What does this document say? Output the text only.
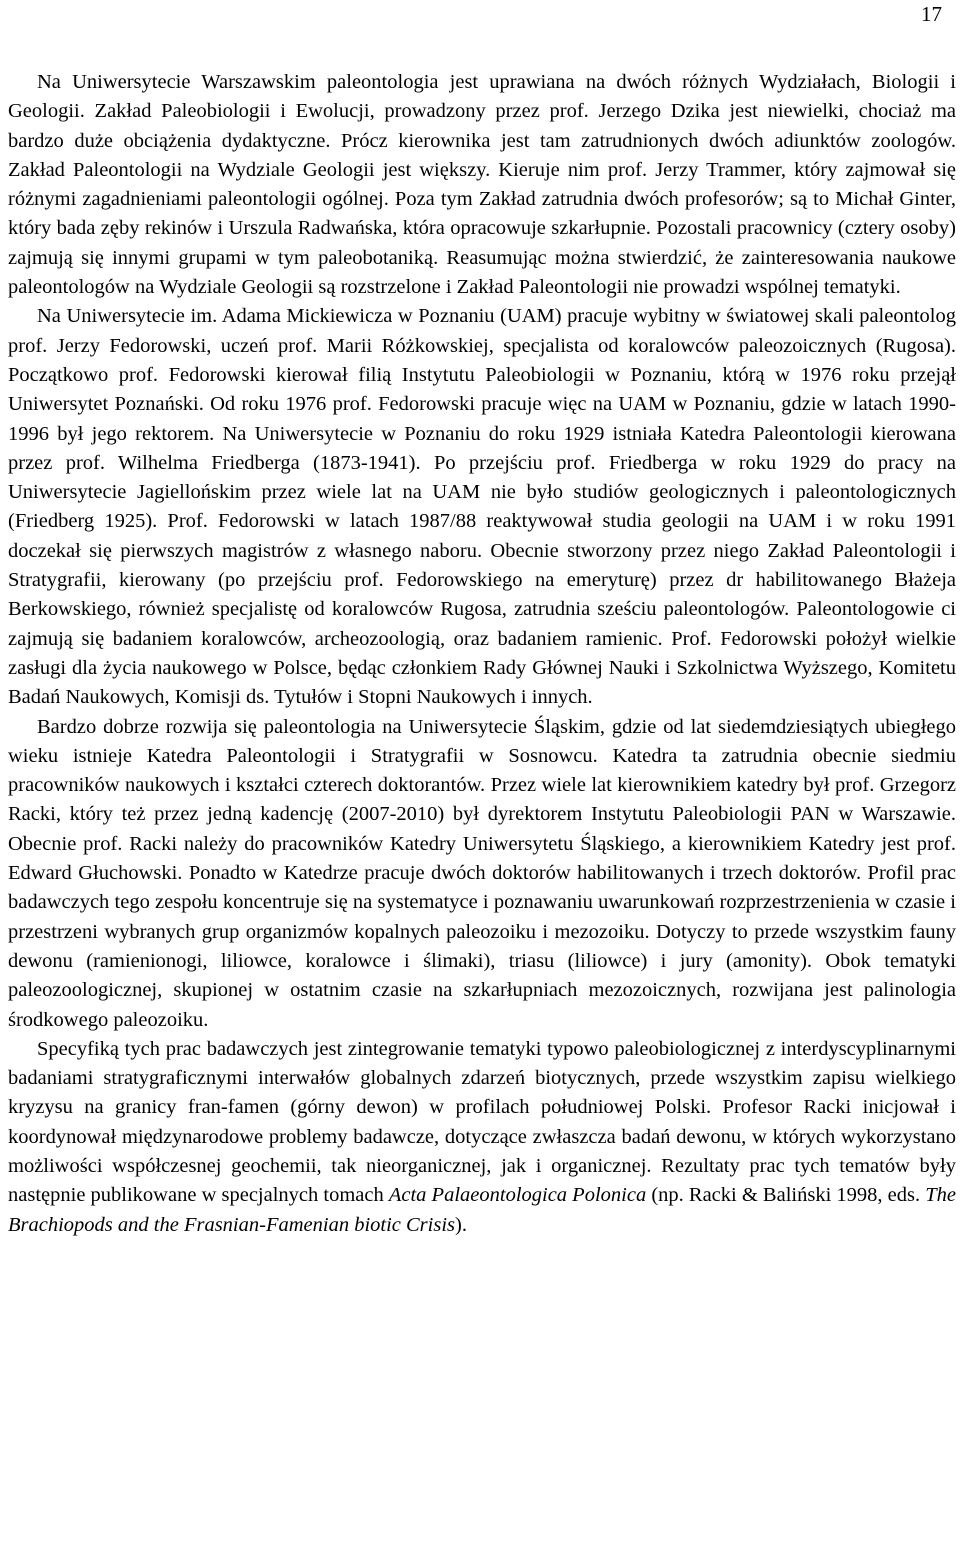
17

Na Uniwersytecie Warszawskim paleontologia jest uprawiana na dwóch różnych Wydziałach, Biologii i Geologii. Zakład Paleobiologii i Ewolucji, prowadzony przez prof. Jerzego Dzika jest niewielki, chociaż ma bardzo duże obciążenia dydaktyczne. Prócz kierownika jest tam zatrudnionych dwóch adiunktów zoologów. Zakład Paleontologii na Wydziale Geologii jest większy. Kieruje nim prof. Jerzy Trammer, który zajmował się różnymi zagadnieniami paleontologii ogólnej. Poza tym Zakład zatrudnia dwóch profesorów; są to Michał Ginter, który bada zęby rekinów i Urszula Radwańska, która opracowuje szkarłupnie. Pozostali pracownicy (cztery osoby) zajmują się innymi grupami w tym paleobotaniką. Reasumując można stwierdzić, że zainteresowania naukowe paleontologów na Wydziale Geologii są rozstrzelone i Zakład Paleontologii nie prowadzi wspólnej tematyki.

Na Uniwersytecie im. Adama Mickiewicza w Poznaniu (UAM) pracuje wybitny w światowej skali paleontolog prof. Jerzy Fedorowski, uczeń prof. Marii Różkowskiej, specjalista od koralowców paleozoicznych (Rugosa). Początkowo prof. Fedorowski kierował filią Instytutu Paleobiologii w Poznaniu, którą w 1976 roku przejął Uniwersytet Poznański. Od roku 1976 prof. Fedorowski pracuje więc na UAM w Poznaniu, gdzie w latach 1990-1996 był jego rektorem. Na Uniwersytecie w Poznaniu do roku 1929 istniała Katedra Paleontologii kierowana przez prof. Wilhelma Friedberga (1873-1941). Po przejściu prof. Friedberga w roku 1929 do pracy na Uniwersytecie Jagiellońskim przez wiele lat na UAM nie było studiów geologicznych i paleontologicznych (Friedberg 1925). Prof. Fedorowski w latach 1987/88 reaktywował studia geologii na UAM i w roku 1991 doczekał się pierwszych magistrów z własnego naboru. Obecnie stworzony przez niego Zakład Paleontologii i Stratygrafii, kierowany (po przejściu prof. Fedorowskiego na emeryturę) przez dr habilitowanego Błażeja Berkowskiego, również specjalistę od koralowców Rugosa, zatrudnia sześciu paleontologów. Paleontologowie ci zajmują się badaniem koralowców, archeozoologią, oraz badaniem ramienic. Prof. Fedorowski położył wielkie zasługi dla życia naukowego w Polsce, będąc członkiem Rady Głównej Nauki i Szkolnictwa Wyższego, Komitetu Badań Naukowych, Komisji ds. Tytułów i Stopni Naukowych i innych.

Bardzo dobrze rozwija się paleontologia na Uniwersytecie Śląskim, gdzie od lat siedemdziesiątych ubiegłego wieku istnieje Katedra Paleontologii i Stratygrafii w Sosnowcu. Katedra ta zatrudnia obecnie siedmiu pracowników naukowych i kształci czterech doktorantów. Przez wiele lat kierownikiem katedry był prof. Grzegorz Racki, który też przez jedną kadencję (2007-2010) był dyrektorem Instytutu Paleobiologii PAN w Warszawie. Obecnie prof. Racki należy do pracowników Katedry Uniwersytetu Śląskiego, a kierownikiem Katedry jest prof. Edward Głuchowski. Ponadto w Katedrze pracuje dwóch doktorów habilitowanych i trzech doktorów. Profil prac badawczych tego zespołu koncentruje się na systematyce i poznawaniu uwarunkowań rozprzestrzenienia w czasie i przestrzeni wybranych grup organizmów kopalnych paleozoiku i mezozoiku. Dotyczy to przede wszystkim fauny dewonu (ramienionogi, liliowce, koralowce i ślimaki), triasu (liliowce) i jury (amonity). Obok tematyki paleozoologicznej, skupionej w ostatnim czasie na szkarłupniach mezozoicznych, rozwijana jest palinologia środkowego paleozoiku.

Specyfiką tych prac badawczych jest zintegrowanie tematyki typowo paleobiologicznej z interdyscyplinarnymi badaniami stratygraficznymi interwałów globalnych zdarzeń biotycznych, przede wszystkim zapisu wielkiego kryzysu na granicy fran-famen (górny dewon) w profilach południowej Polski. Profesor Racki inicjował i koordynował międzynarodowe problemy badawcze, dotyczące zwłaszcza badań dewonu, w których wykorzystano możliwości współczesnej geochemii, tak nieorganicznej, jak i organicznej. Rezultaty prac tych tematów były następnie publikowane w specjalnych tomach Acta Palaeontologica Polonica (np. Racki & Baliński 1998, eds. The Brachiopods and the Frasnian-Famenian biotic Crisis).
